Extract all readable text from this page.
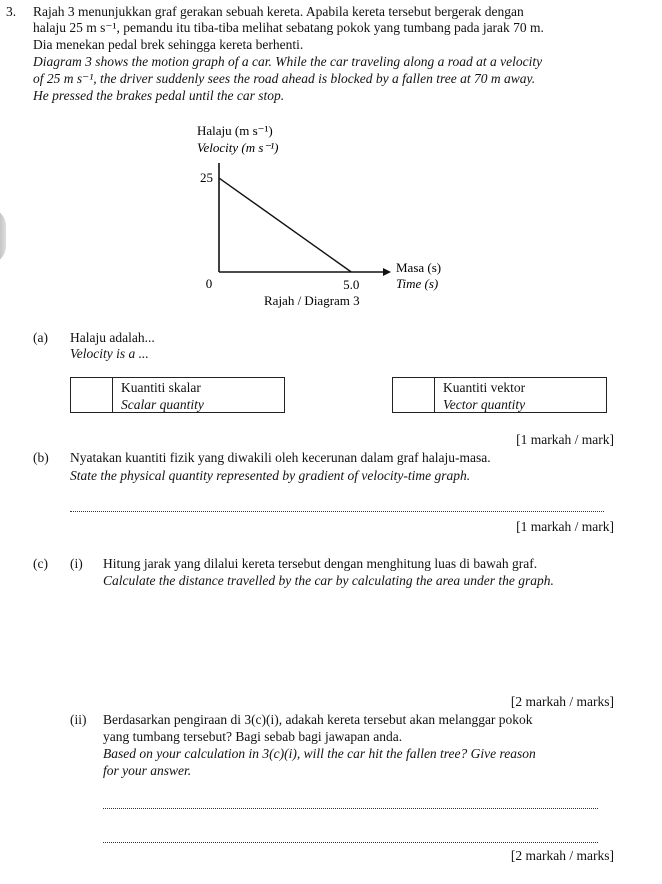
3. Rajah 3 menunjukkan graf gerakan sebuah kereta. Apabila kereta tersebut bergerak dengan
halaju 25 m s⁻¹, pemandu itu tiba-tiba melihat sebatang pokok yang tumbang pada jarak 70 m.
Dia menekan pedal brek sehingga kereta berhenti.
Diagram 3 shows the motion graph of a car. While the car traveling along a road at a velocity
of 25 m s⁻¹, the driver suddenly sees the road ahead is blocked by a fallen tree at 70 m away.
He pressed the brakes pedal until the car stop.
Halaju (m s⁻¹)
Velocity (m s⁻¹)
25
0	5.0
Masa (s)
Time (s)
Rajah / Diagram 3
(a) Halaju adalah...
Velocity is a ...
Kuantiti skalar
Scalar quantity
Kuantiti vektor
Vector quantity
[1 markah / mark]
(b) Nyatakan kuantiti fizik yang diwakili oleh kecerunan dalam graf halaju-masa.
State the physical quantity represented by gradient of velocity-time graph.
[1 markah / mark]
(c) (i) Hitung jarak yang dilalui kereta tersebut dengan menghitung luas di bawah graf.
Calculate the distance travelled by the car by calculating the area under the graph.
[2 markah / marks]
(ii) Berdasarkan pengiraan di 3(c)(i), adakah kereta tersebut akan melanggar pokok
yang tumbang tersebut? Bagi sebab bagi jawapan anda.
Based on your calculation in 3(c)(i), will the car hit the fallen tree? Give reason
for your answer.
[2 markah / marks]
